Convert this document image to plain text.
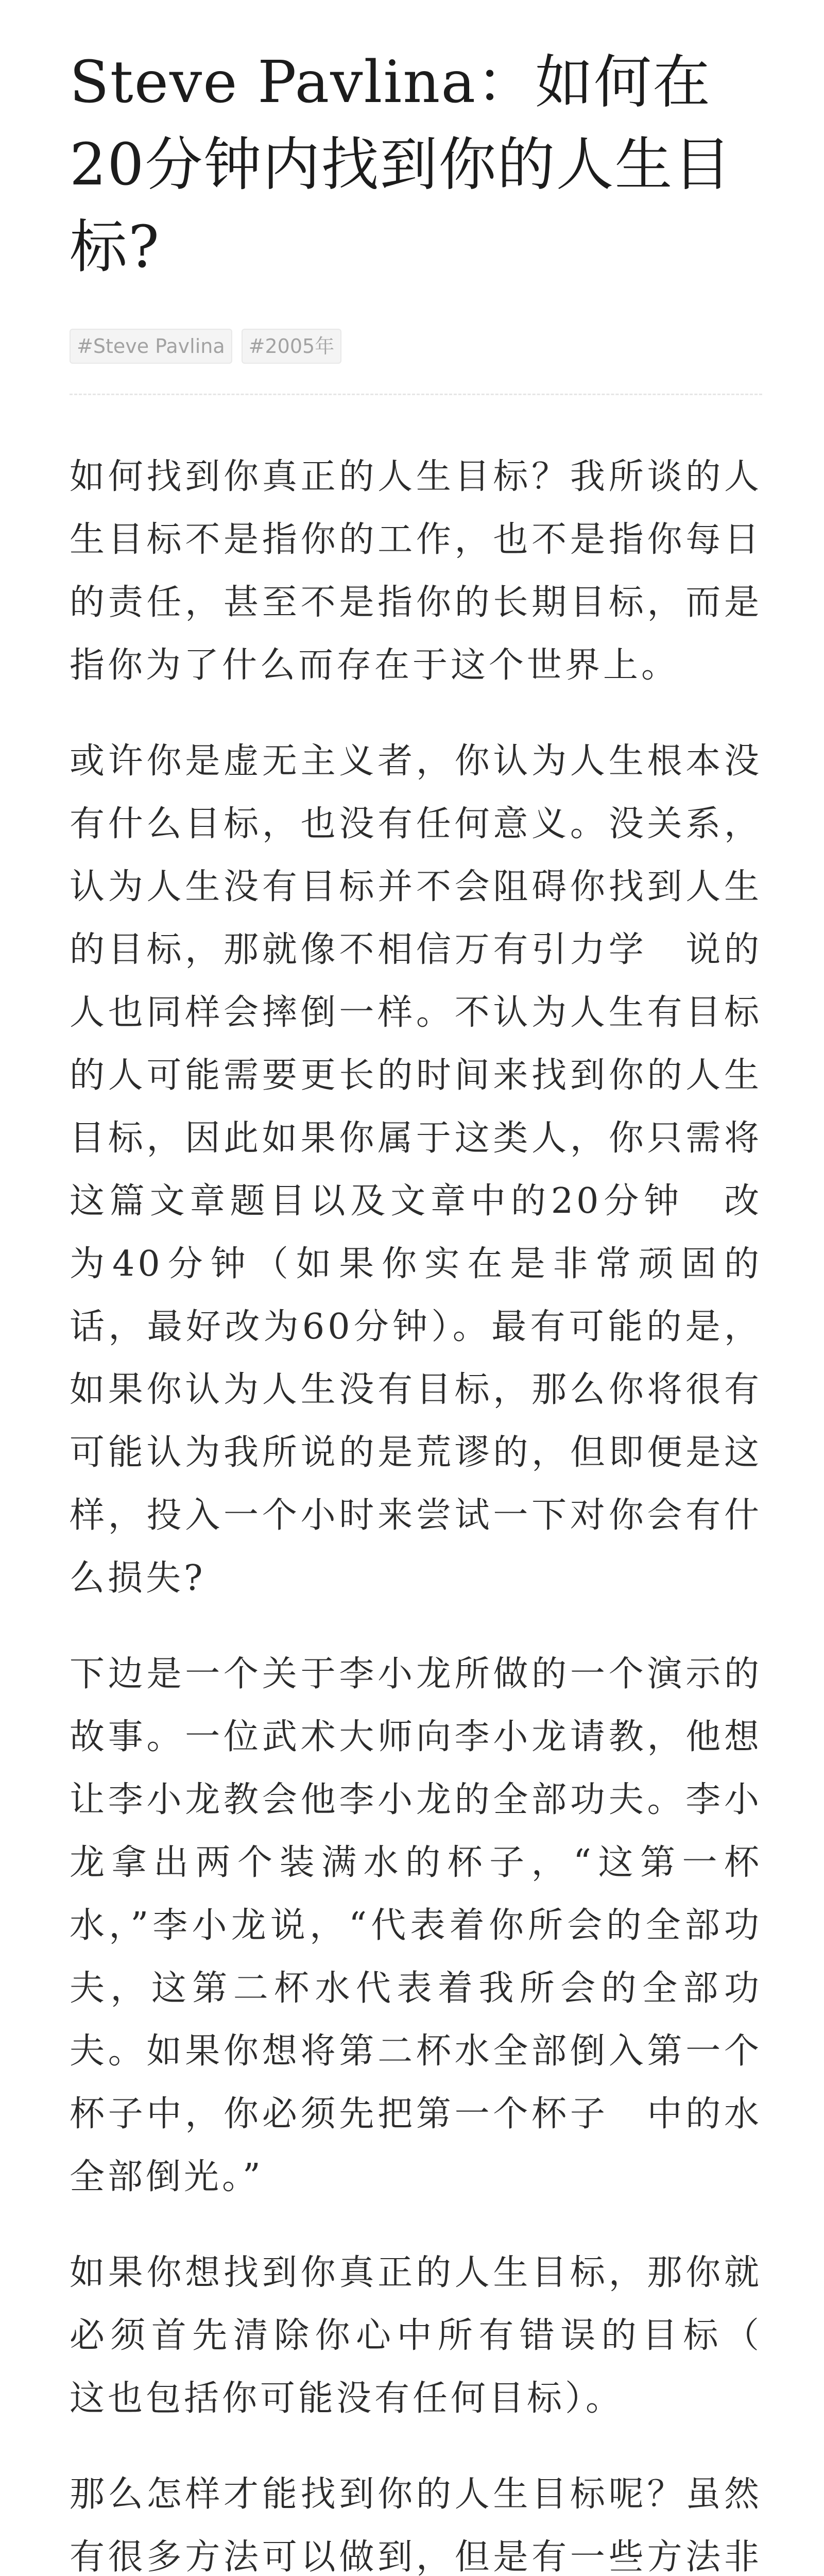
Steve Pavlina：如何在20分钟内找到你的人生目标?
#Steve Pavlina	#2005年

如何找到你真正的人生目标？我所谈的人生目标不是指你的工作，也不是指你每日的责任，甚至不是指你的长期目标，而是指你为了什么而存在于这个世界上。

或许你是虚无主义者，你认为人生根本没有什么目标，也没有任何意义。没关系，认为人生没有目标并不会阻碍你找到人生的目标，那就像不相信万有引力学　说的人也同样会摔倒一样。不认为人生有目标的人可能需要更长的时间来找到你的人生目标，因此如果你属于这类人，你只需将这篇文章题目以及文章中的20分钟　改为40分钟（如果你实在是非常顽固的话，最好改为60分钟）。最有可能的是，如果你认为人生没有目标，那么你将很有可能认为我所说的是荒谬的，但即便是这样，投入一个小时来尝试一下对你会有什么损失?

下边是一个关于李小龙所做的一个演示的故事。一位武术大师向李小龙请教，他想让李小龙教会他李小龙的全部功夫。李小龙拿出两个装满水的杯子，“这第一杯水，”李小龙说，“代表着你所会的全部功夫，这第二杯水代表着我所会的全部功夫。如果你想将第二杯水全部倒入第一个杯子中，你必须先把第一个杯子　中的水全部倒光。”

如果你想找到你真正的人生目标，那你就必须首先清除你心中所有错误的目标（　这也包括你可能没有任何目标）。

那么怎样才能找到你的人生目标呢？虽然有很多方法可以做到，但是有一些方法非　　
